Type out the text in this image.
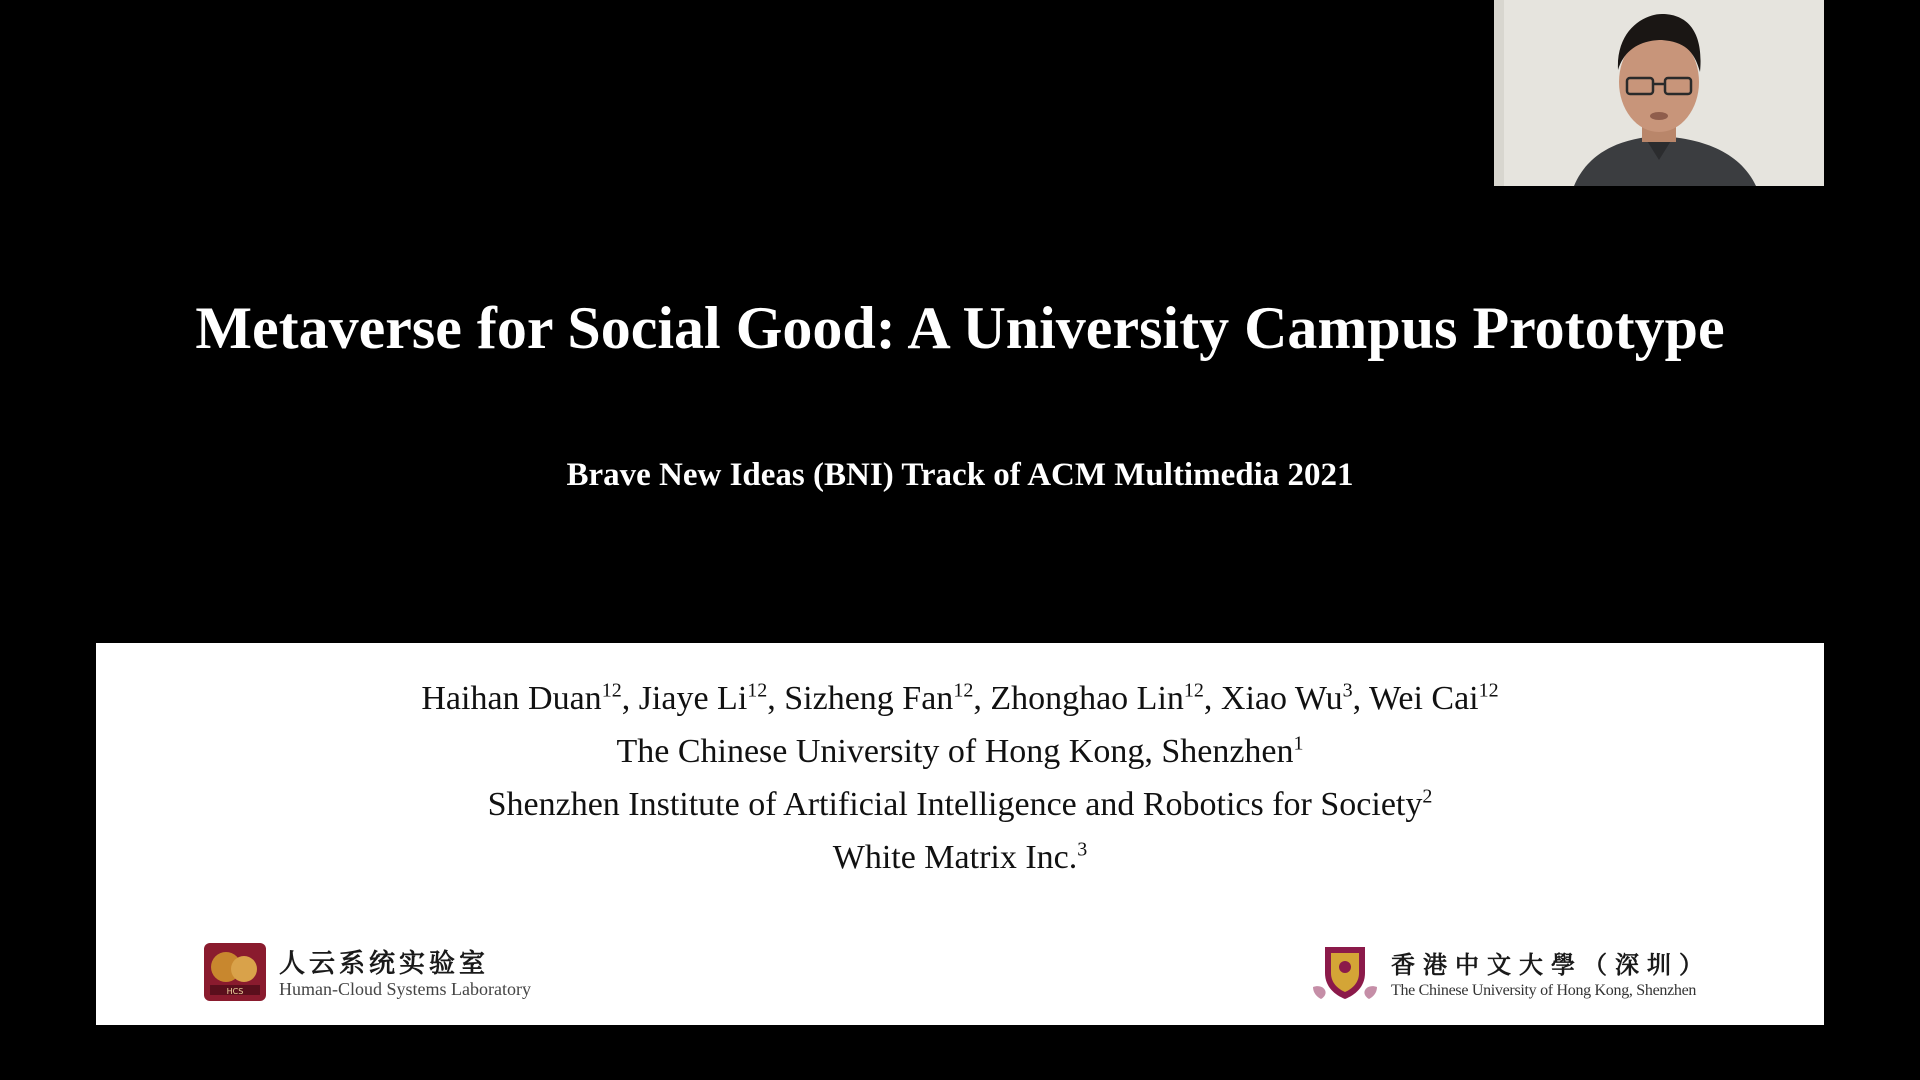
Metaverse for Social Good: A University Campus Prototype
Brave New Ideas (BNI) Track of ACM Multimedia 2021
Haihan Duan$^{12}$, Jiaye Li$^{12}$, Sizheng Fan$^{12}$, Zhonghao Lin$^{12}$, Xiao Wu$^3$, Wei Cai$^{12}$
The Chinese University of Hong Kong, Shenzhen$^1$
Shenzhen Institute of Artificial Intelligence and Robotics for Society$^2$
White Matrix Inc.$^3$
HCS
人云系统实验室
Human-Cloud Systems Laboratory
香港中文大學（深圳）
The Chinese University of Hong Kong, Shenzhen
